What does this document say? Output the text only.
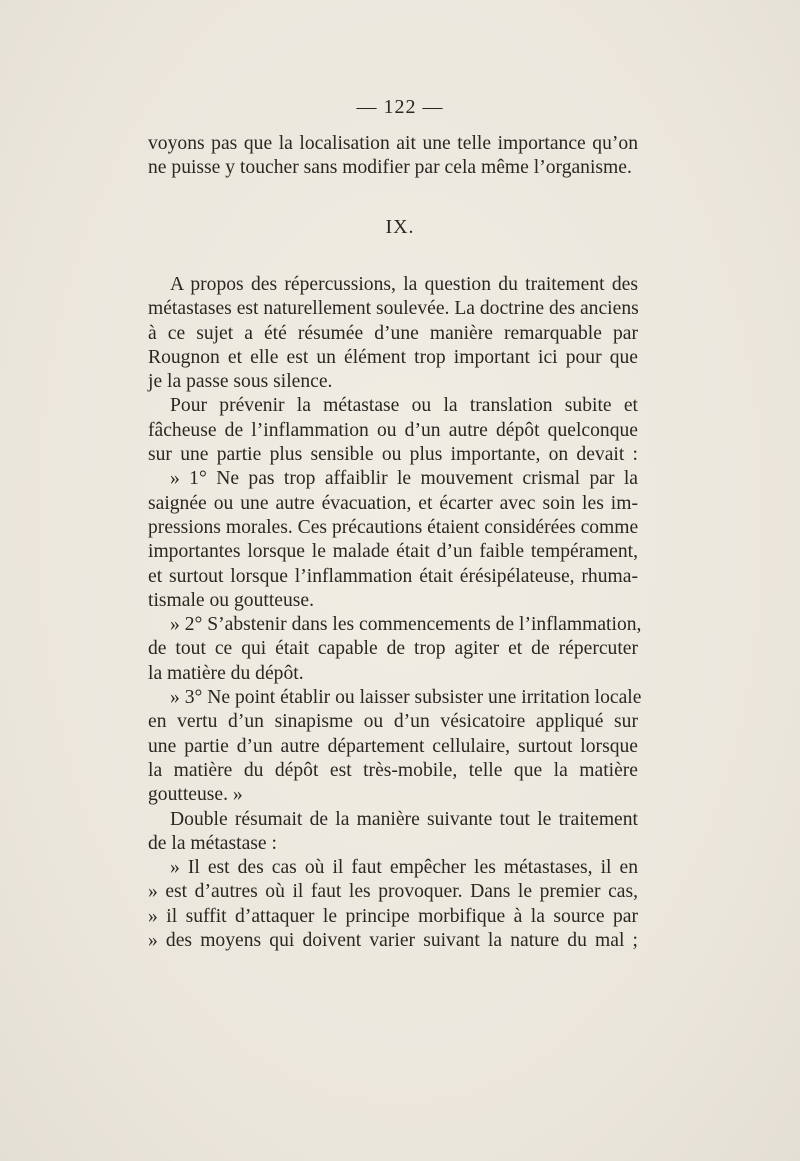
— 122 —
voyons pas que la localisation ait une telle importance qu’on
ne puisse y toucher sans modifier par cela même l’organisme.
IX.
A propos des répercussions, la question du traitement des
métastases est naturellement soulevée. La doctrine des anciens
à ce sujet a été résumée d’une manière remarquable par
Rougnon et elle est un élément trop important ici pour que
je la passe sous silence.
Pour prévenir la métastase ou la translation subite et
fâcheuse de l’inflammation ou d’un autre dépôt quelconque
sur une partie plus sensible ou plus importante, on devait :
» 1° Ne pas trop affaiblir le mouvement crismal par la
saignée ou une autre évacuation, et écarter avec soin les im-
pressions morales. Ces précautions étaient considérées comme
importantes lorsque le malade était d’un faible tempérament,
et surtout lorsque l’inflammation était érésipélateuse, rhuma-
tismale ou goutteuse.
» 2° S’abstenir dans les commencements de l’inflammation,
de tout ce qui était capable de trop agiter et de répercuter
la matière du dépôt.
» 3° Ne point établir ou laisser subsister une irritation locale
en vertu d’un sinapisme ou d’un vésicatoire appliqué sur
une partie d’un autre département cellulaire, surtout lorsque
la matière du dépôt est très-mobile, telle que la matière
goutteuse. »
Double résumait de la manière suivante tout le traitement
de la métastase :
» Il est des cas où il faut empêcher les métastases, il en
» est d’autres où il faut les provoquer. Dans le premier cas,
» il suffit d’attaquer le principe morbifique à la source par
» des moyens qui doivent varier suivant la nature du mal ;
